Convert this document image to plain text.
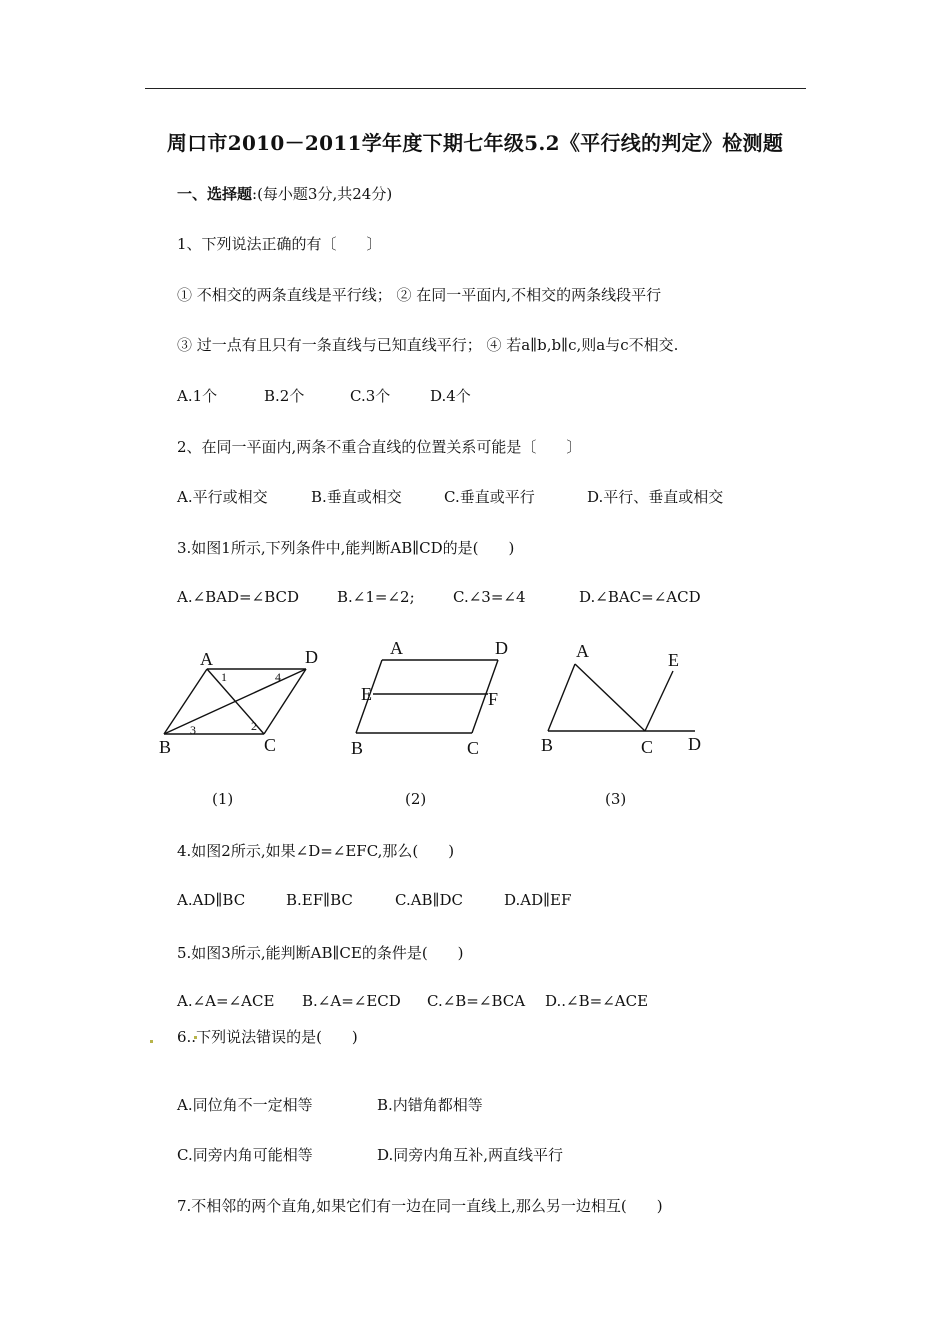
周口市2010－2011学年度下期七年级5.2《平行线的判定》检测题
一、选择题:(每小题3分,共24分)
1、下列说法正确的有〔　　〕
① 不相交的两条直线是平行线； ② 在同一平面内,不相交的两条线段平行
③ 过一点有且只有一条直线与已知直线平行； ④ 若a∥b,b∥c,则a与c不相交.
A.1个	B.2个	C.3个	D.4个
2、在同一平面内,两条不重合直线的位置关系可能是〔　　〕
A.平行或相交	B.垂直或相交	C.垂直或平行	D.平行、垂直或相交
3.如图1所示,下列条件中,能判断AB∥CD的是(　　)
A.∠BAD=∠BCD	B.∠1=∠2;	C.∠3=∠4	D.∠BAC=∠ACD
A	D
B	C
1
2
3
4
A	D
E	F
B	C
A	E
B	C D
(1)	(2)	(3)
4.如图2所示,如果∠D=∠EFC,那么(　　)
A.AD∥BC	B.EF∥BC	C.AB∥DC	D.AD∥EF
5.如图3所示,能判断AB∥CE的条件是(　　)
A.∠A=∠ACE B.∠A=∠ECD C.∠B=∠BCA D..∠B=∠ACE
6..下列说法错误的是(　　)
A.同位角不一定相等	B.内错角都相等
C.同旁内角可能相等	D.同旁内角互补,两直线平行
7.不相邻的两个直角,如果它们有一边在同一直线上,那么另一边相互(　　)
